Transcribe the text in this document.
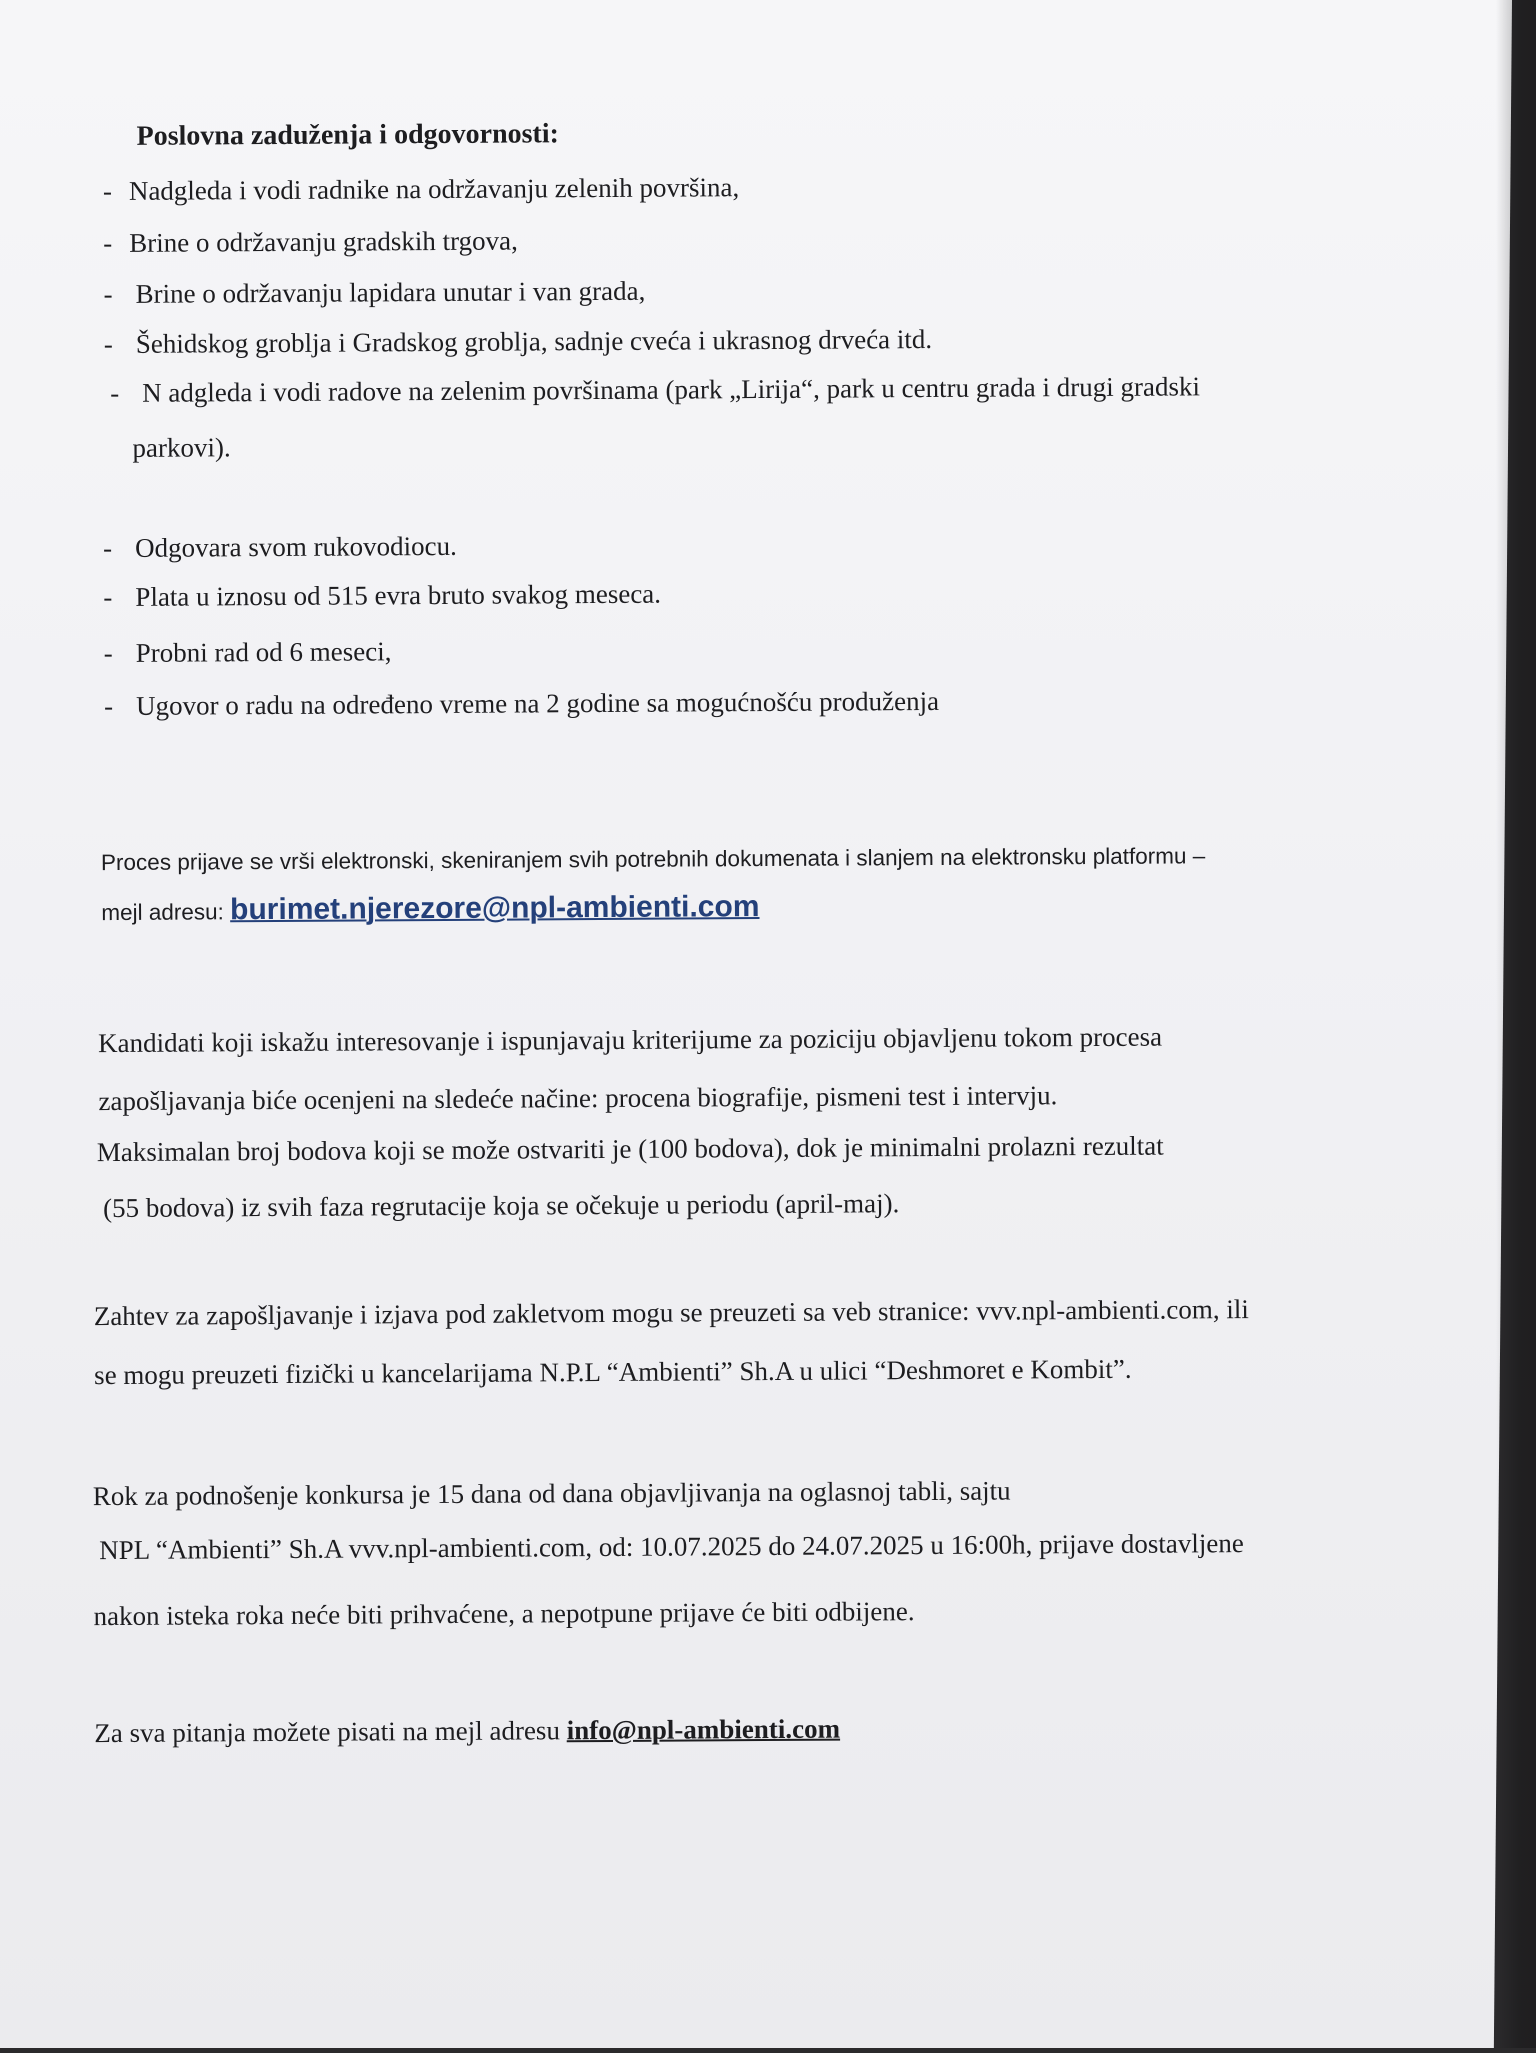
Poslovna zaduženja i odgovornosti:
- Nadgleda i vodi radnike na održavanju zelenih površina,
- Brine o održavanju gradskih trgova,
- Brine o održavanju lapidara unutar i van grada,
- Šehidskog groblja i Gradskog groblja, sadnje cveća i ukrasnog drveća itd.
- N adgleda i vodi radove na zelenim površinama (park „Lirija“, park u centru grada i drugi gradski
parkovi).
- Odgovara svom rukovodiocu.
- Plata u iznosu od 515 evra bruto svakog meseca.
- Probni rad od 6 meseci,
- Ugovor o radu na određeno vreme na 2 godine sa mogućnošću produženja
Proces prijave se vrši elektronski, skeniranjem svih potrebnih dokumenata i slanjem na elektronsku platformu –
mejl adresu: burimet.njerezore@npl-ambienti.com
Kandidati koji iskažu interesovanje i ispunjavaju kriterijume za poziciju objavljenu tokom procesa
zapošljavanja biće ocenjeni na sledeće načine: procena biografije, pismeni test i intervju.
Maksimalan broj bodova koji se može ostvariti je (100 bodova), dok je minimalni prolazni rezultat
(55 bodova) iz svih faza regrutacije koja se očekuje u periodu (april-maj).
Zahtev za zapošljavanje i izjava pod zakletvom mogu se preuzeti sa veb stranice: vvv.npl-ambienti.com, ili
se mogu preuzeti fizički u kancelarijama N.P.L “Ambienti” Sh.A u ulici “Deshmoret e Kombit”.
Rok za podnošenje konkursa je 15 dana od dana objavljivanja na oglasnoj tabli, sajtu
NPL “Ambienti” Sh.A vvv.npl-ambienti.com, od: 10.07.2025 do 24.07.2025 u 16:00h, prijave dostavljene
nakon isteka roka neće biti prihvaćene, a nepotpune prijave će biti odbijene.
Za sva pitanja možete pisati na mejl adresu info@npl-ambienti.com
